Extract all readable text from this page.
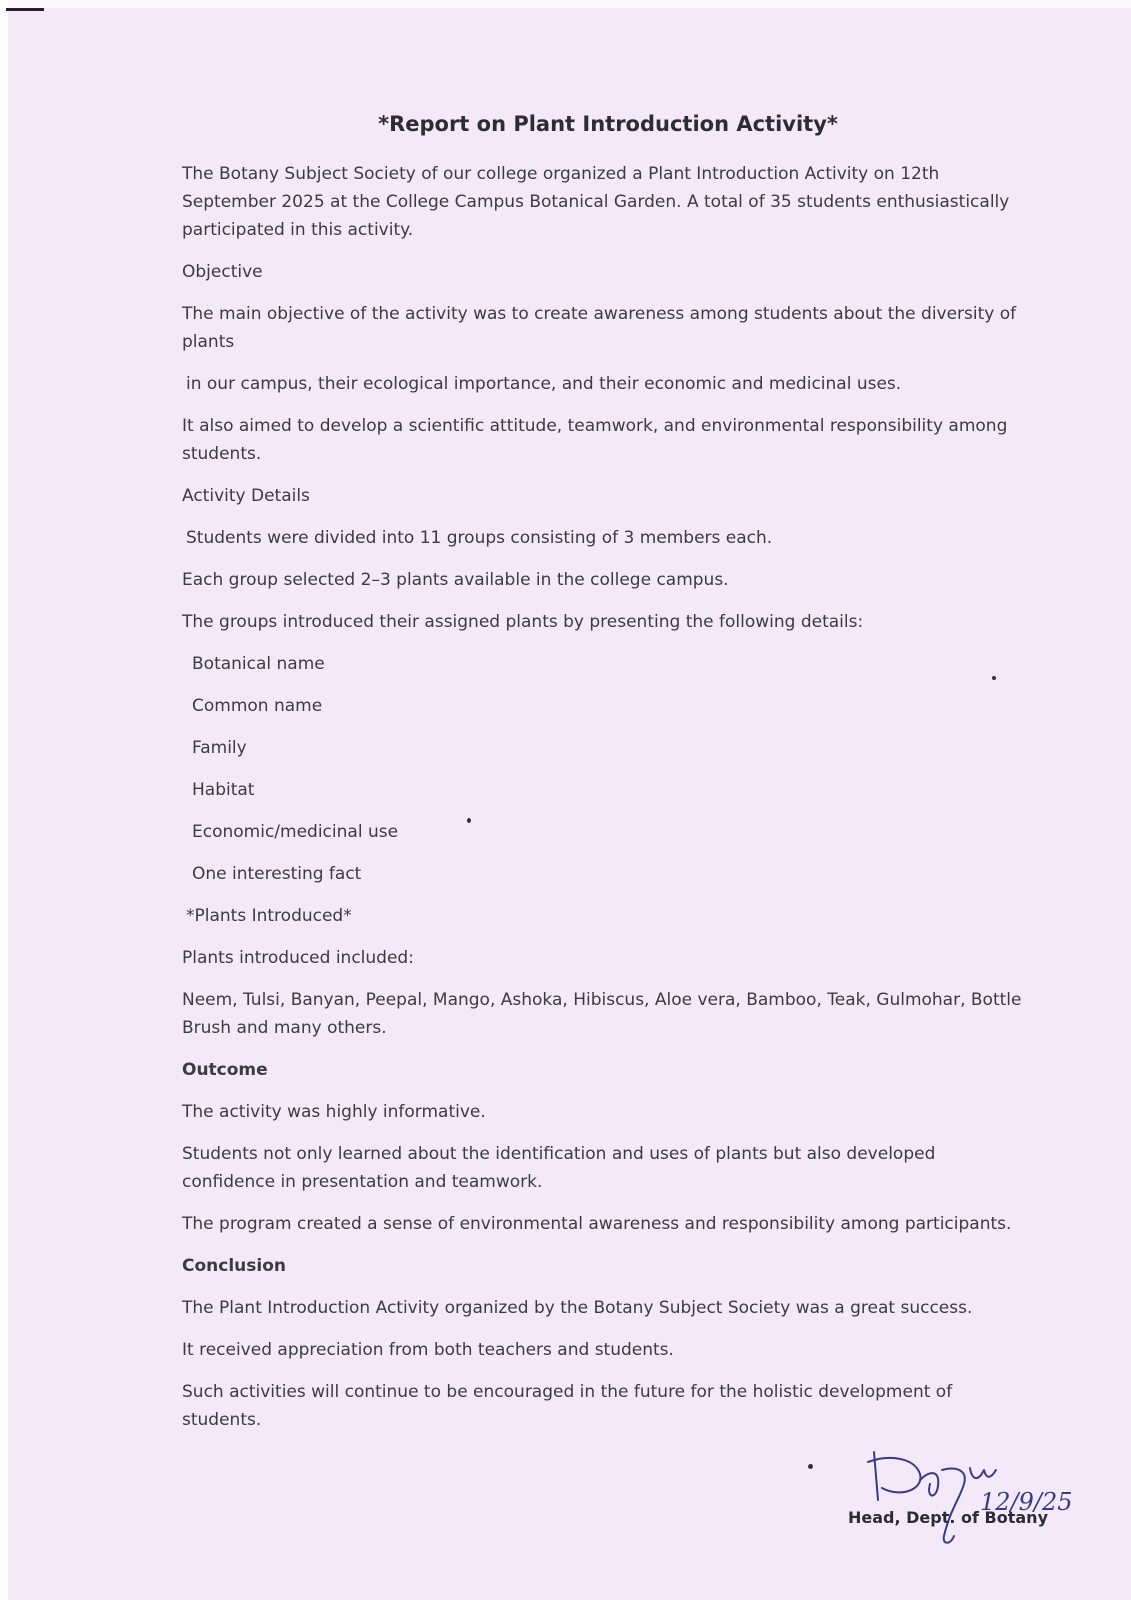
*Report on Plant Introduction Activity*

The Botany Subject Society of our college organized a Plant Introduction Activity on 12th September 2025 at the College Campus Botanical Garden. A total of 35 students enthusiastically participated in this activity.

Objective

The main objective of the activity was to create awareness among students about the diversity of plants

in our campus, their ecological importance, and their economic and medicinal uses.

It also aimed to develop a scientific attitude, teamwork, and environmental responsibility among students.

Activity Details

Students were divided into 11 groups consisting of 3 members each.

Each group selected 2–3 plants available in the college campus.

The groups introduced their assigned plants by presenting the following details:

Botanical name

Common name

Family

Habitat

Economic/medicinal use

One interesting fact

*Plants Introduced*

Plants introduced included:

Neem, Tulsi, Banyan, Peepal, Mango, Ashoka, Hibiscus, Aloe vera, Bamboo, Teak, Gulmohar, Bottle Brush and many others.

Outcome

The activity was highly informative.

Students not only learned about the identification and uses of plants but also developed confidence in presentation and teamwork.

The program created a sense of environmental awareness and responsibility among participants.

Conclusion

The Plant Introduction Activity organized by the Botany Subject Society was a great success.

It received appreciation from both teachers and students.

Such activities will continue to be encouraged in the future for the holistic development of students.

12/9/25
Head, Dept. of Botany
